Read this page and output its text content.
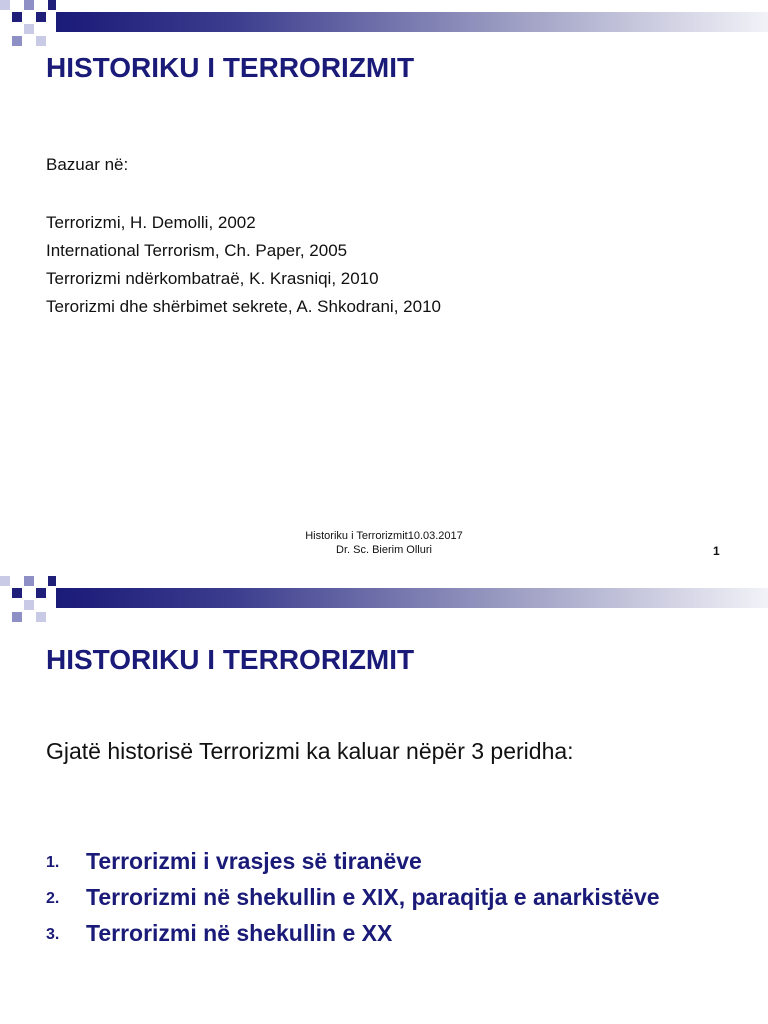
HISTORIKU I TERRORIZMIT
Bazuar në:
Terrorizmi, H. Demolli, 2002
International Terrorism, Ch. Paper, 2005
Terrorizmi ndërkombatraë, K. Krasniqi, 2010
Terorizmi dhe shërbimet sekrete, A. Shkodrani, 2010
Historiku i Terrorizmit10.03.2017
Dr. Sc. Bierim Olluri	1
HISTORIKU I TERRORIZMIT
Gjatë historisë Terrorizmi ka kaluar nëpër 3 peridha:
1. Terrorizmi i vrasjes së tiranëve
2. Terrorizmi në shekullin e XIX, paraqitja e anarkistëve
3. Terrorizmi në shekullin e XX
